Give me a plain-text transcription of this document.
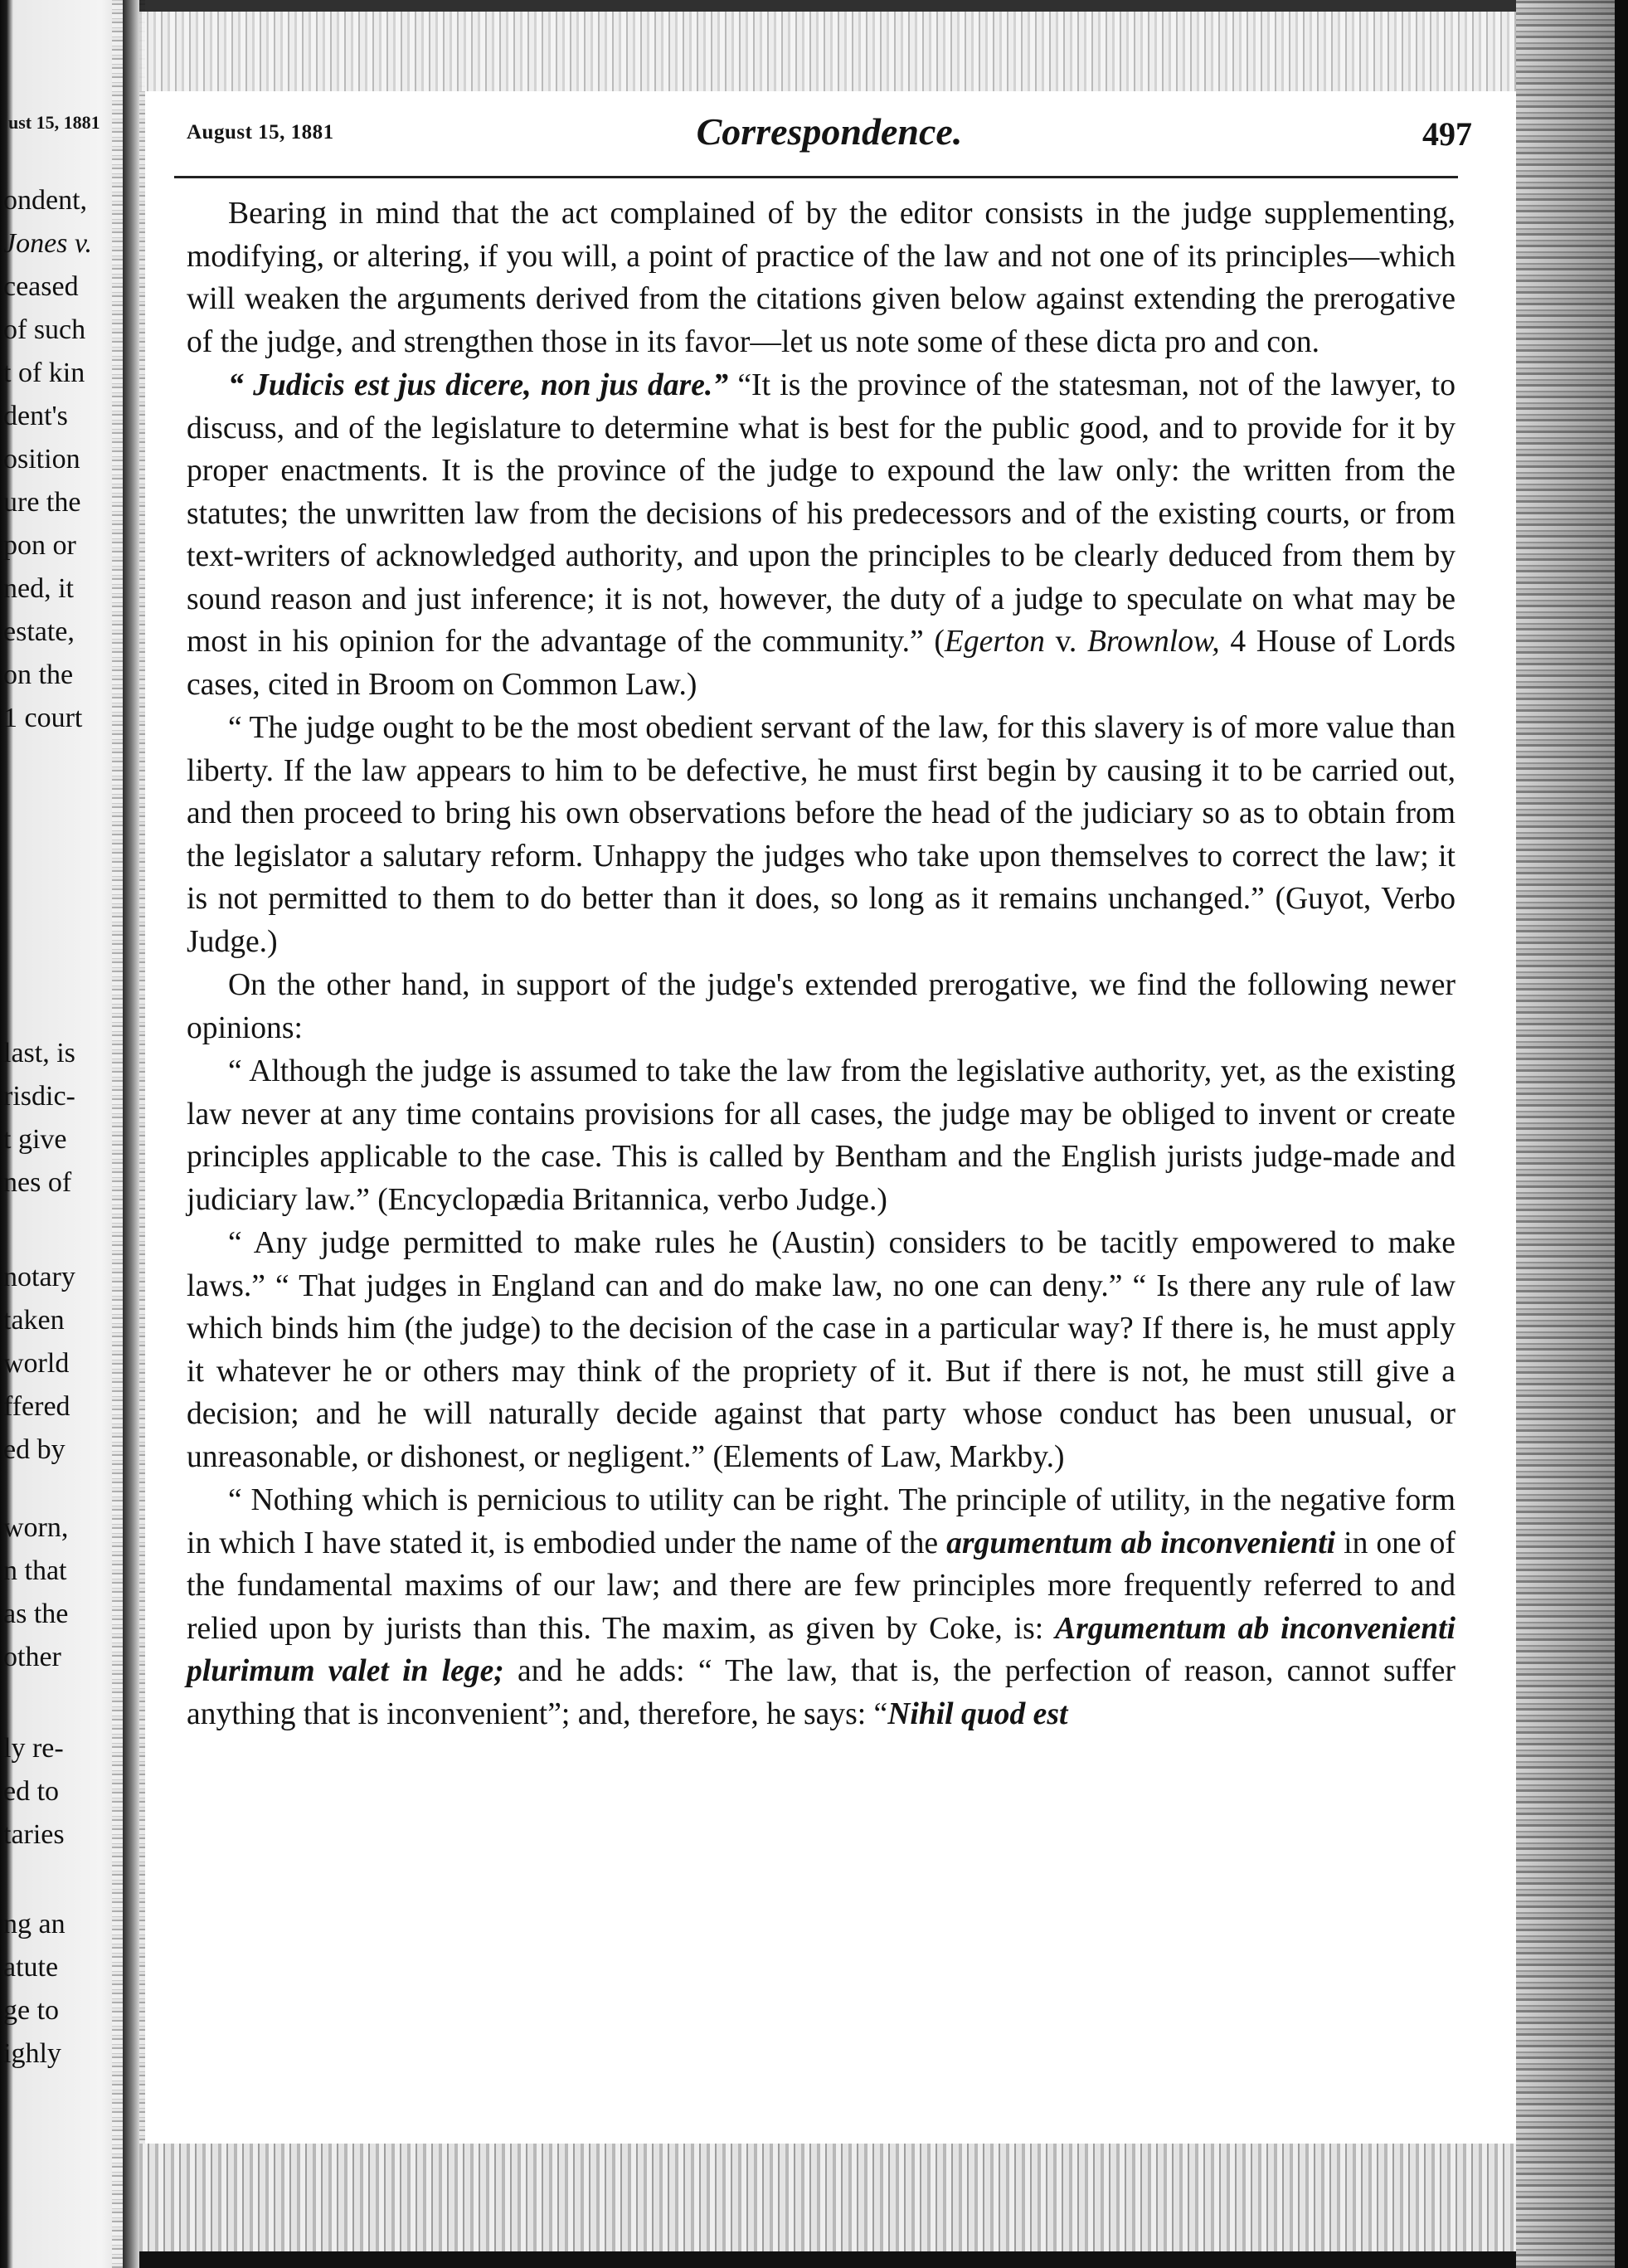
ust 15, 1881
ondent,
Jones v.
ceased
of such
t of kin
dent's
osition
ure the
pon or
ned, it
estate,
on the
1 court
last, is
risdic-
t give
nes of
notary
taken
world
ffered
ed by
worn,
n that
as the
other
ly re-
ed to
taries
ng an
atute
ge to
ighly
August 15, 1881	Correspondence.	497

Bearing in mind that the act complained of by the editor consists in the judge supplementing, modifying, or altering, if you will, a point of practice of the law and not one of its principles—which will weaken the arguments derived from the citations given below against extending the prerogative of the judge, and strengthen those in its favor—let us note some of these dicta pro and con.

“ Judicis est jus dicere, non jus dare.” “It is the province of the statesman, not of the lawyer, to discuss, and of the legislature to determine what is best for the public good, and to provide for it by proper enactments. It is the province of the judge to expound the law only: the written from the statutes; the unwritten law from the decisions of his predecessors and of the existing courts, or from text-writers of acknowledged authority, and upon the principles to be clearly deduced from them by sound reason and just inference; it is not, however, the duty of a judge to speculate on what may be most in his opinion for the advantage of the community.” (Egerton v. Brownlow, 4 House of Lords cases, cited in Broom on Common Law.)

“ The judge ought to be the most obedient servant of the law, for this slavery is of more value than liberty. If the law appears to him to be defective, he must first begin by causing it to be carried out, and then proceed to bring his own observations before the head of the judiciary so as to obtain from the legislator a salutary reform. Unhappy the judges who take upon themselves to correct the law; it is not permitted to them to do better than it does, so long as it remains unchanged.” (Guyot, Verbo Judge.)

On the other hand, in support of the judge's extended prerogative, we find the following newer opinions:

“ Although the judge is assumed to take the law from the legislative authority, yet, as the existing law never at any time contains provisions for all cases, the judge may be obliged to invent or create principles applicable to the case. This is called by Bentham and the English jurists judge-made and judiciary law.” (Encyclopædia Britannica, verbo Judge.)

“ Any judge permitted to make rules he (Austin) considers to be tacitly empowered to make laws.” “ That judges in England can and do make law, no one can deny.” “ Is there any rule of law which binds him (the judge) to the decision of the case in a particular way? If there is, he must apply it whatever he or others may think of the propriety of it. But if there is not, he must still give a decision; and he will naturally decide against that party whose conduct has been unusual, or unreasonable, or dishonest, or negligent.” (Elements of Law, Markby.)

“ Nothing which is pernicious to utility can be right. The principle of utility, in the negative form in which I have stated it, is embodied under the name of the argumentum ab inconvenienti in one of the fundamental maxims of our law; and there are few principles more frequently referred to and relied upon by jurists than this. The maxim, as given by Coke, is: Argumentum ab inconvenienti plurimum valet in lege; and he adds: “ The law, that is, the perfection of reason, cannot suffer anything that is inconvenient”; and, therefore, he says: “Nihil quod est
